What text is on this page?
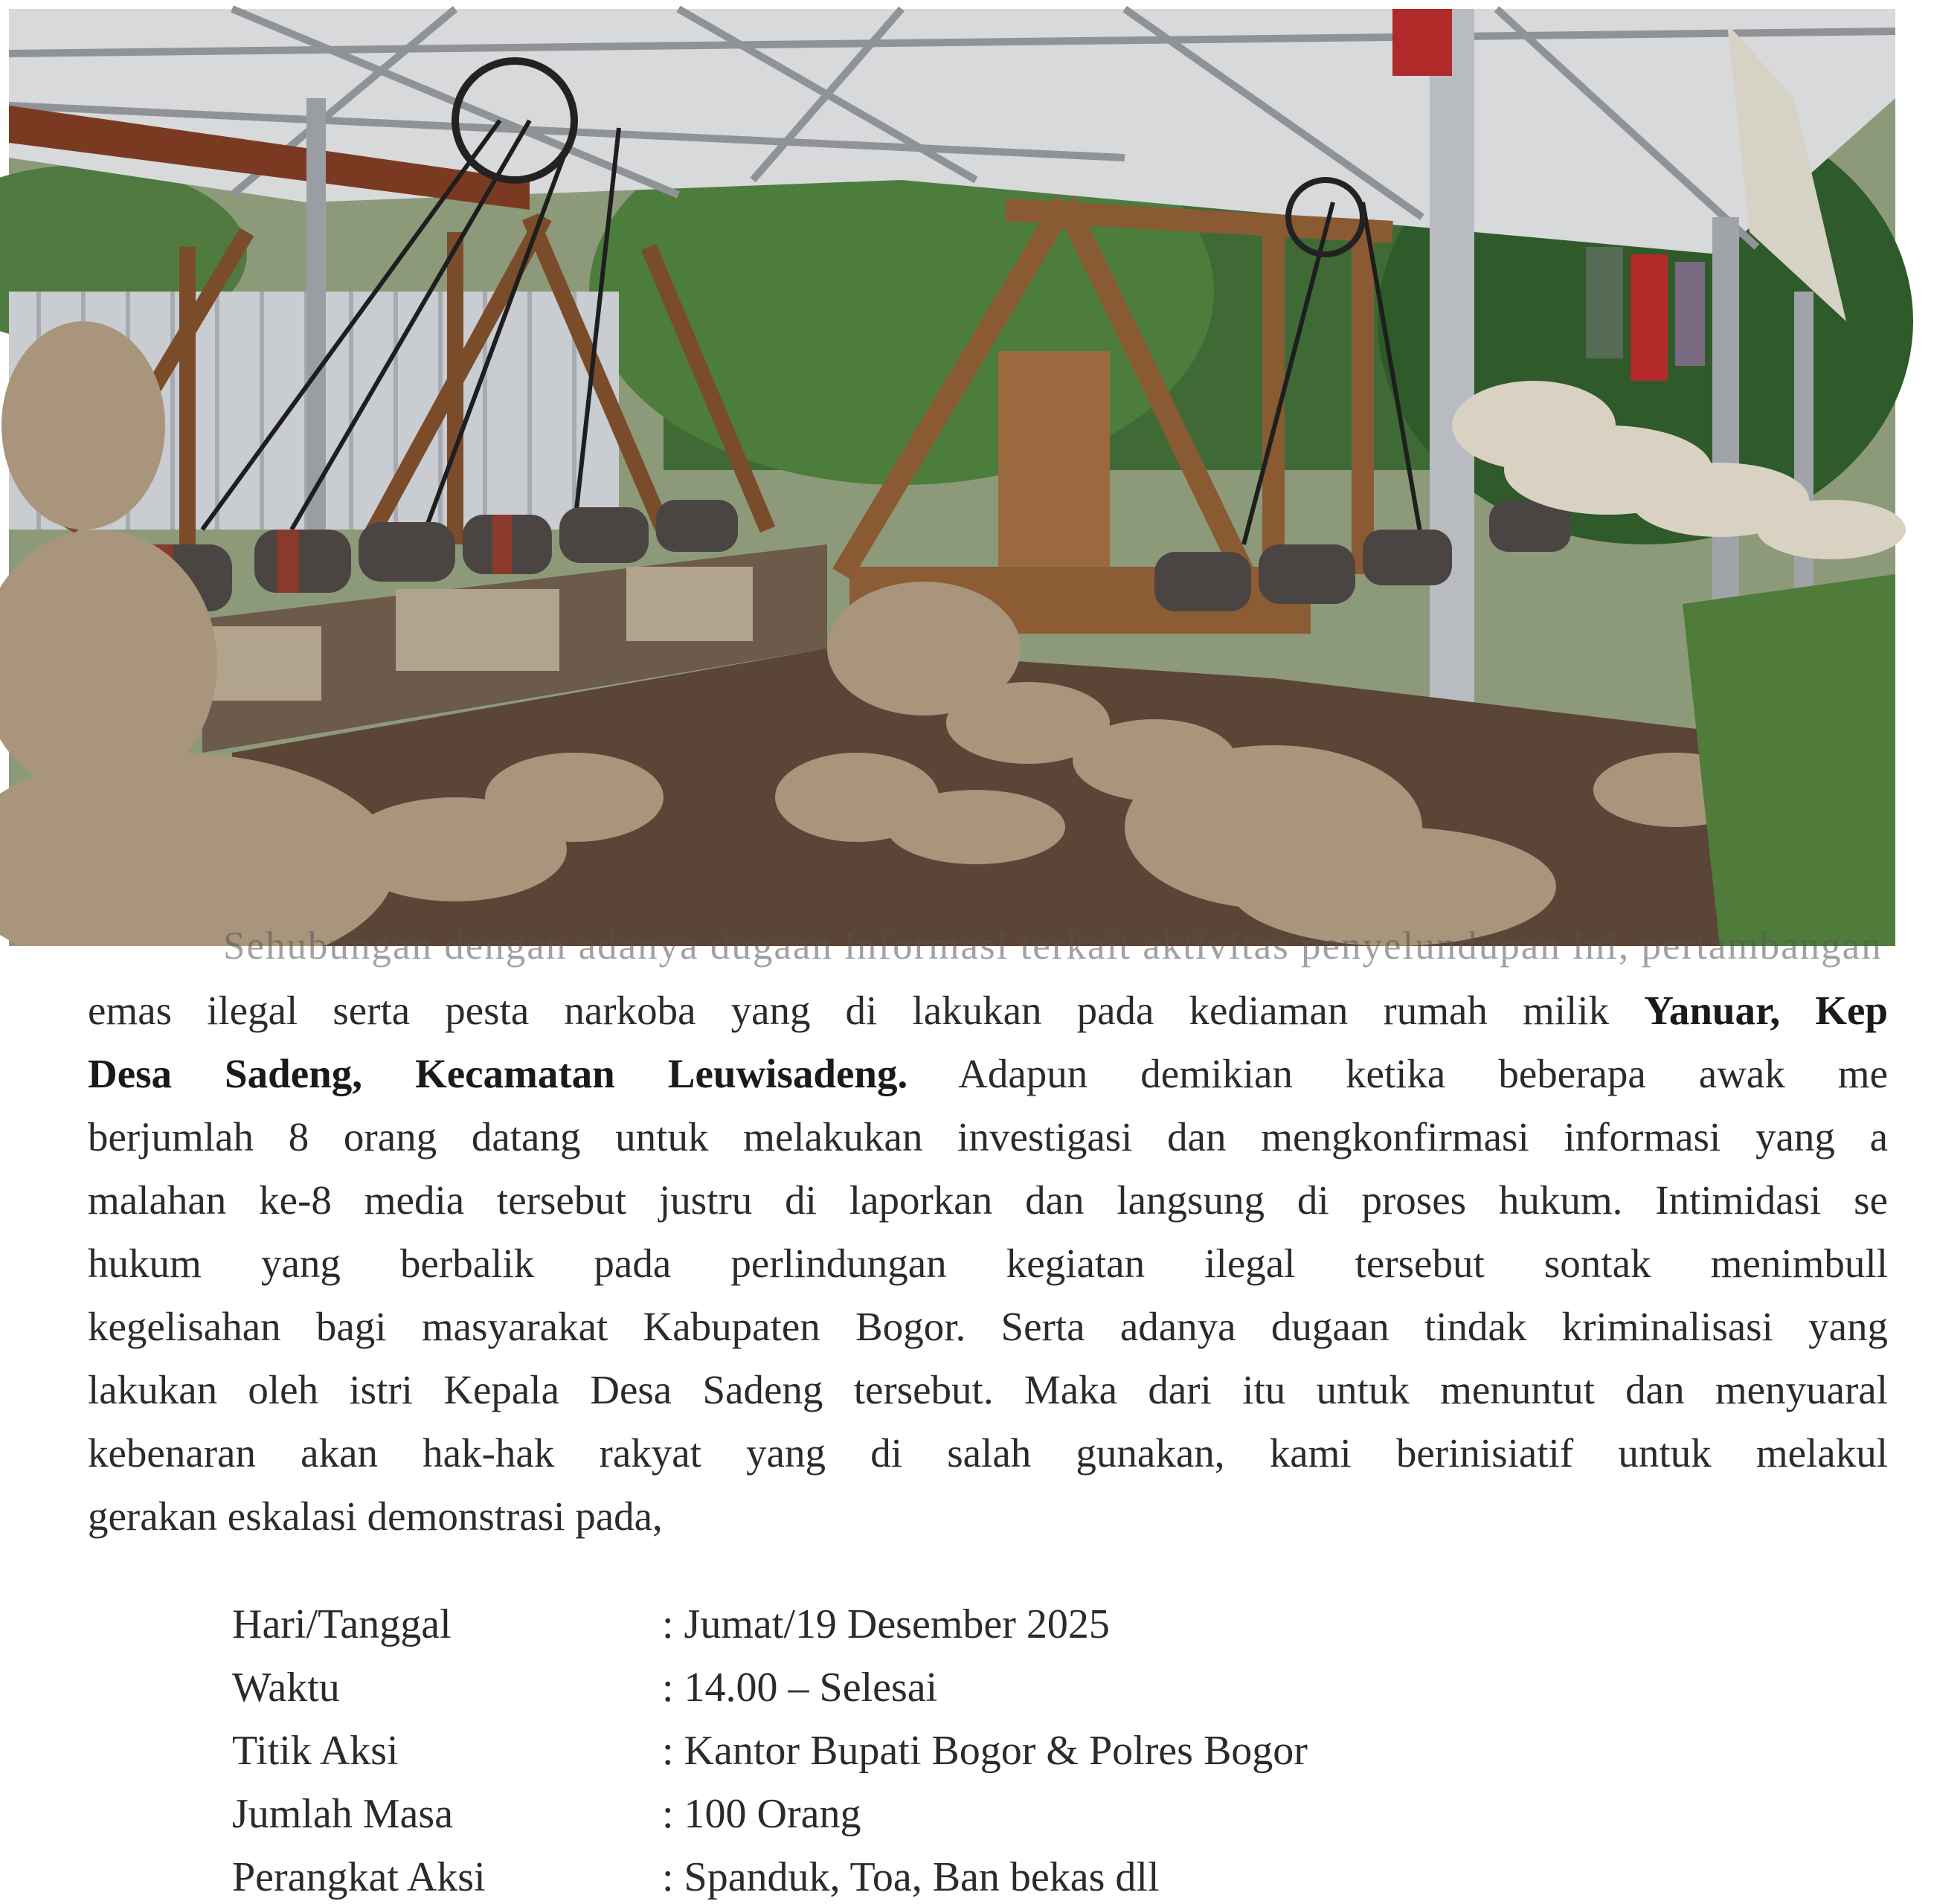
Sehubungan dengan adanya dugaan informasi terkait aktivitas penyelundupan ini, pertambangan
emas ilegal serta pesta narkoba yang di lakukan pada kediaman rumah milik Yanuar, Kep
Desa Sadeng, Kecamatan Leuwisadeng. Adapun demikian ketika beberapa awak me
berjumlah 8 orang datang untuk melakukan investigasi dan mengkonfirmasi informasi yang a
malahan ke-8 media tersebut justru di laporkan dan langsung di proses hukum. Intimidasi se
hukum yang berbalik pada perlindungan kegiatan ilegal tersebut sontak menimbull
kegelisahan bagi masyarakat Kabupaten Bogor. Serta adanya dugaan tindak kriminalisasi yang
lakukan oleh istri Kepala Desa Sadeng tersebut. Maka dari itu untuk menuntut dan menyuaral
kebenaran akan hak-hak rakyat yang di salah gunakan, kami berinisiatif untuk melakul
gerakan eskalasi demonstrasi pada,
Hari/Tanggal	: Jumat/19 Desember 2025
Waktu	: 14.00 – Selesai
Titik Aksi	: Kantor Bupati Bogor & Polres Bogor
Jumlah Masa	: 100 Orang
Perangkat Aksi	: Spanduk, Toa, Ban bekas dll
